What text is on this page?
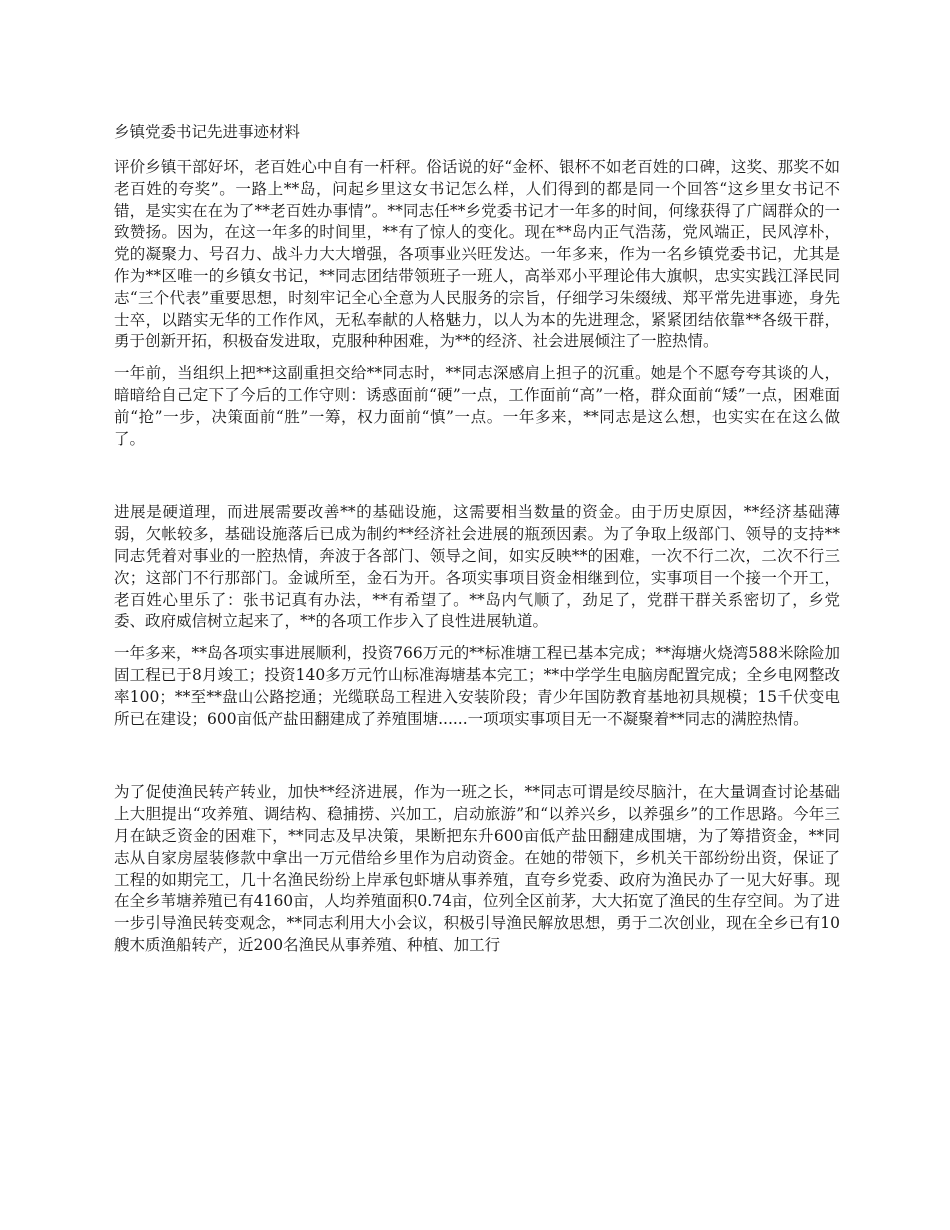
乡镇党委书记先进事迹材料

评价乡镇干部好坏，老百姓心中自有一杆秤。俗话说的好“金杯、银杯不如老百姓的口碑，这奖、那奖不如老百姓的夸奖”。一路上**岛，问起乡里这女书记怎么样，人们得到的都是同一个回答“这乡里女书记不错，是实实在在为了**老百姓办事情”。**同志任**乡党委书记才一年多的时间，何缘获得了广阔群众的一致赞扬。因为，在这一年多的时间里，**有了惊人的变化。现在**岛内正气浩荡，党风端正，民风淳朴，党的凝聚力、号召力、战斗力大大增强，各项事业兴旺发达。一年多来，作为一名乡镇党委书记，尤其是作为**区唯一的乡镇女书记，**同志团结带领班子一班人，高举邓小平理论伟大旗帜，忠实实践江泽民同志“三个代表”重要思想，时刻牢记全心全意为人民服务的宗旨，仔细学习朱缀绒、郑平常先进事迹，身先士卒，以踏实无华的工作作风，无私奉献的人格魅力，以人为本的先进理念，紧紧团结依靠**各级干群，勇于创新开拓，积极奋发进取，克服种种困难，为**的经济、社会进展倾注了一腔热情。

一年前，当组织上把**这副重担交给**同志时，**同志深感肩上担子的沉重。她是个不愿夸夸其谈的人，暗暗给自己定下了今后的工作守则：诱惑面前“硬”一点，工作面前“高”一格，群众面前“矮”一点，困难面前“抢”一步，决策面前“胜”一筹，权力面前“慎”一点。一年多来，**同志是这么想，也实实在在这么做了。

进展是硬道理，而进展需要改善**的基础设施，这需要相当数量的资金。由于历史原因，**经济基础薄弱，欠帐较多，基础设施落后已成为制约**经济社会进展的瓶颈因素。为了争取上级部门、领导的支持**同志凭着对事业的一腔热情，奔波于各部门、领导之间，如实反映**的困难，一次不行二次，二次不行三次；这部门不行那部门。金诚所至，金石为开。各项实事项目资金相继到位，实事项目一个接一个开工，老百姓心里乐了：张书记真有办法，**有希望了。**岛内气顺了，劲足了，党群干群关系密切了，乡党委、政府威信树立起来了，**的各项工作步入了良性进展轨道。

一年多来，**岛各项实事进展顺利，投资766万元的**标准塘工程已基本完成；**海塘火烧湾588米除险加固工程已于8月竣工；投资140多万元竹山标准海塘基本完工；**中学学生电脑房配置完成；全乡电网整改率100；**至**盘山公路挖通；光缆联岛工程进入安装阶段；青少年国防教育基地初具规模；15千伏变电所已在建设；600亩低产盐田翻建成了养殖围塘......一项项实事项目无一不凝聚着**同志的满腔热情。

为了促使渔民转产转业，加快**经济进展，作为一班之长，**同志可谓是绞尽脑汁，在大量调查讨论基础上大胆提出“攻养殖、调结构、稳捕捞、兴加工，启动旅游”和“以养兴乡，以养强乡”的工作思路。今年三月在缺乏资金的困难下，**同志及早决策，果断把东升600亩低产盐田翻建成围塘，为了筹措资金，**同志从自家房屋装修款中拿出一万元借给乡里作为启动资金。在她的带领下，乡机关干部纷纷出资，保证了工程的如期完工，几十名渔民纷纷上岸承包虾塘从事养殖，直夸乡党委、政府为渔民办了一见大好事。现在全乡苇塘养殖已有4160亩，人均养殖面积0.74亩，位列全区前茅，大大拓宽了渔民的生存空间。为了进一步引导渔民转变观念，**同志利用大小会议，积极引导渔民解放思想，勇于二次创业，现在全乡已有10艘木质渔船转产，近200名渔民从事养殖、种植、加工行
